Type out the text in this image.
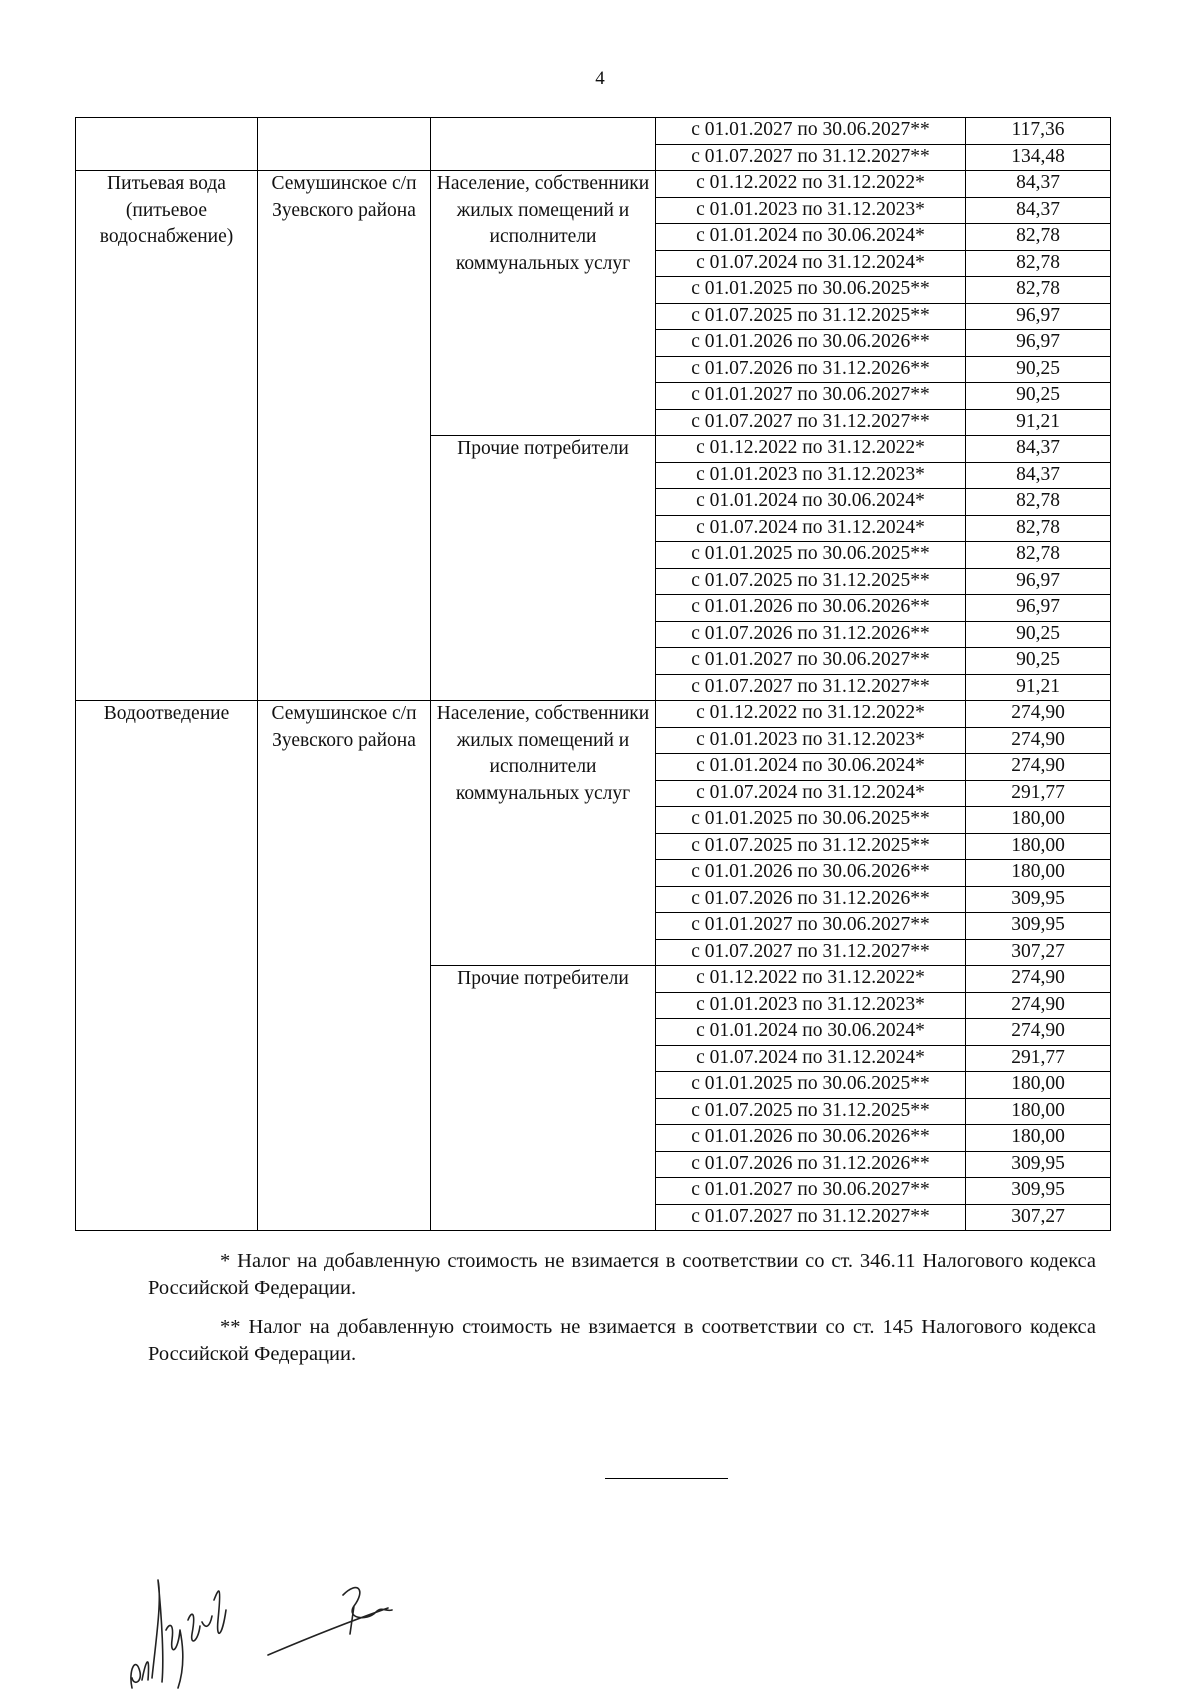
4
			с 01.01.2027 по 30.06.2027**	117,36
			с 01.07.2027 по 31.12.2027**	134,48
Питьевая вода (питьевое водоснабжение)	Семушинское с/п Зуевского района	Население, собственники жилых помещений и исполнители коммунальных услуг	с 01.12.2022 по 31.12.2022*	84,37
			с 01.01.2023 по 31.12.2023*	84,37
			с 01.01.2024 по 30.06.2024*	82,78
			с 01.07.2024 по 31.12.2024*	82,78
			с 01.01.2025 по 30.06.2025**	82,78
			с 01.07.2025 по 31.12.2025**	96,97
			с 01.01.2026 по 30.06.2026**	96,97
			с 01.07.2026 по 31.12.2026**	90,25
			с 01.01.2027 по 30.06.2027**	90,25
			с 01.07.2027 по 31.12.2027**	91,21
		Прочие потребители	с 01.12.2022 по 31.12.2022*	84,37
			с 01.01.2023 по 31.12.2023*	84,37
			с 01.01.2024 по 30.06.2024*	82,78
			с 01.07.2024 по 31.12.2024*	82,78
			с 01.01.2025 по 30.06.2025**	82,78
			с 01.07.2025 по 31.12.2025**	96,97
			с 01.01.2026 по 30.06.2026**	96,97
			с 01.07.2026 по 31.12.2026**	90,25
			с 01.01.2027 по 30.06.2027**	90,25
			с 01.07.2027 по 31.12.2027**	91,21
Водоотведение	Семушинское с/п Зуевского района	Население, собственники жилых помещений и исполнители коммунальных услуг	с 01.12.2022 по 31.12.2022*	274,90
			с 01.01.2023 по 31.12.2023*	274,90
			с 01.01.2024 по 30.06.2024*	274,90
			с 01.07.2024 по 31.12.2024*	291,77
			с 01.01.2025 по 30.06.2025**	180,00
			с 01.07.2025 по 31.12.2025**	180,00
			с 01.01.2026 по 30.06.2026**	180,00
			с 01.07.2026 по 31.12.2026**	309,95
			с 01.01.2027 по 30.06.2027**	309,95
			с 01.07.2027 по 31.12.2027**	307,27
		Прочие потребители	с 01.12.2022 по 31.12.2022*	274,90
			с 01.01.2023 по 31.12.2023*	274,90
			с 01.01.2024 по 30.06.2024*	274,90
			с 01.07.2024 по 31.12.2024*	291,77
			с 01.01.2025 по 30.06.2025**	180,00
			с 01.07.2025 по 31.12.2025**	180,00
			с 01.01.2026 по 30.06.2026**	180,00
			с 01.07.2026 по 31.12.2026**	309,95
			с 01.01.2027 по 30.06.2027**	309,95
			с 01.07.2027 по 31.12.2027**	307,27

* Налог на добавленную стоимость не взимается в соответствии со ст. 346.11 Налогового кодекса Российской Федерации.

** Налог на добавленную стоимость не взимается в соответствии со ст. 145 Налогового кодекса Российской Федерации.
